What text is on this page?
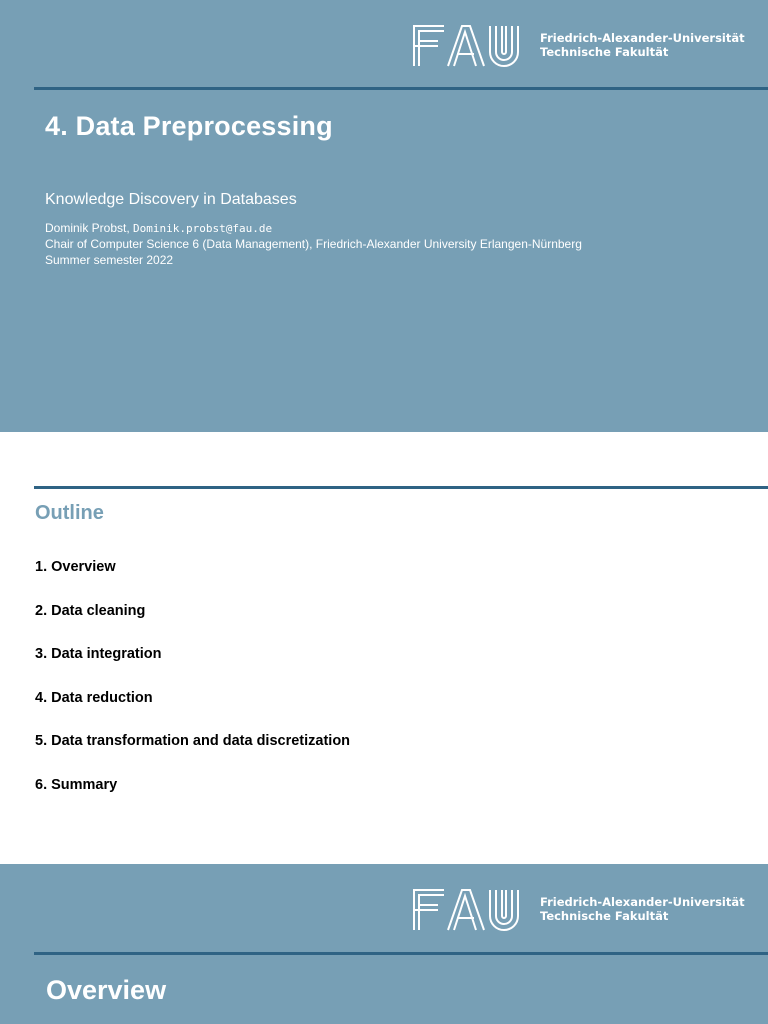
Friedrich-Alexander-Universität
Technische Fakultät
4. Data Preprocessing
Knowledge Discovery in Databases
Dominik Probst, Dominik.probst@fau.de
Chair of Computer Science 6 (Data Management), Friedrich-Alexander University Erlangen-Nürnberg
Summer semester 2022
Outline
1. Overview
2. Data cleaning
3. Data integration
4. Data reduction
5. Data transformation and data discretization
6. Summary
Friedrich-Alexander-Universität
Technische Fakultät
Overview
